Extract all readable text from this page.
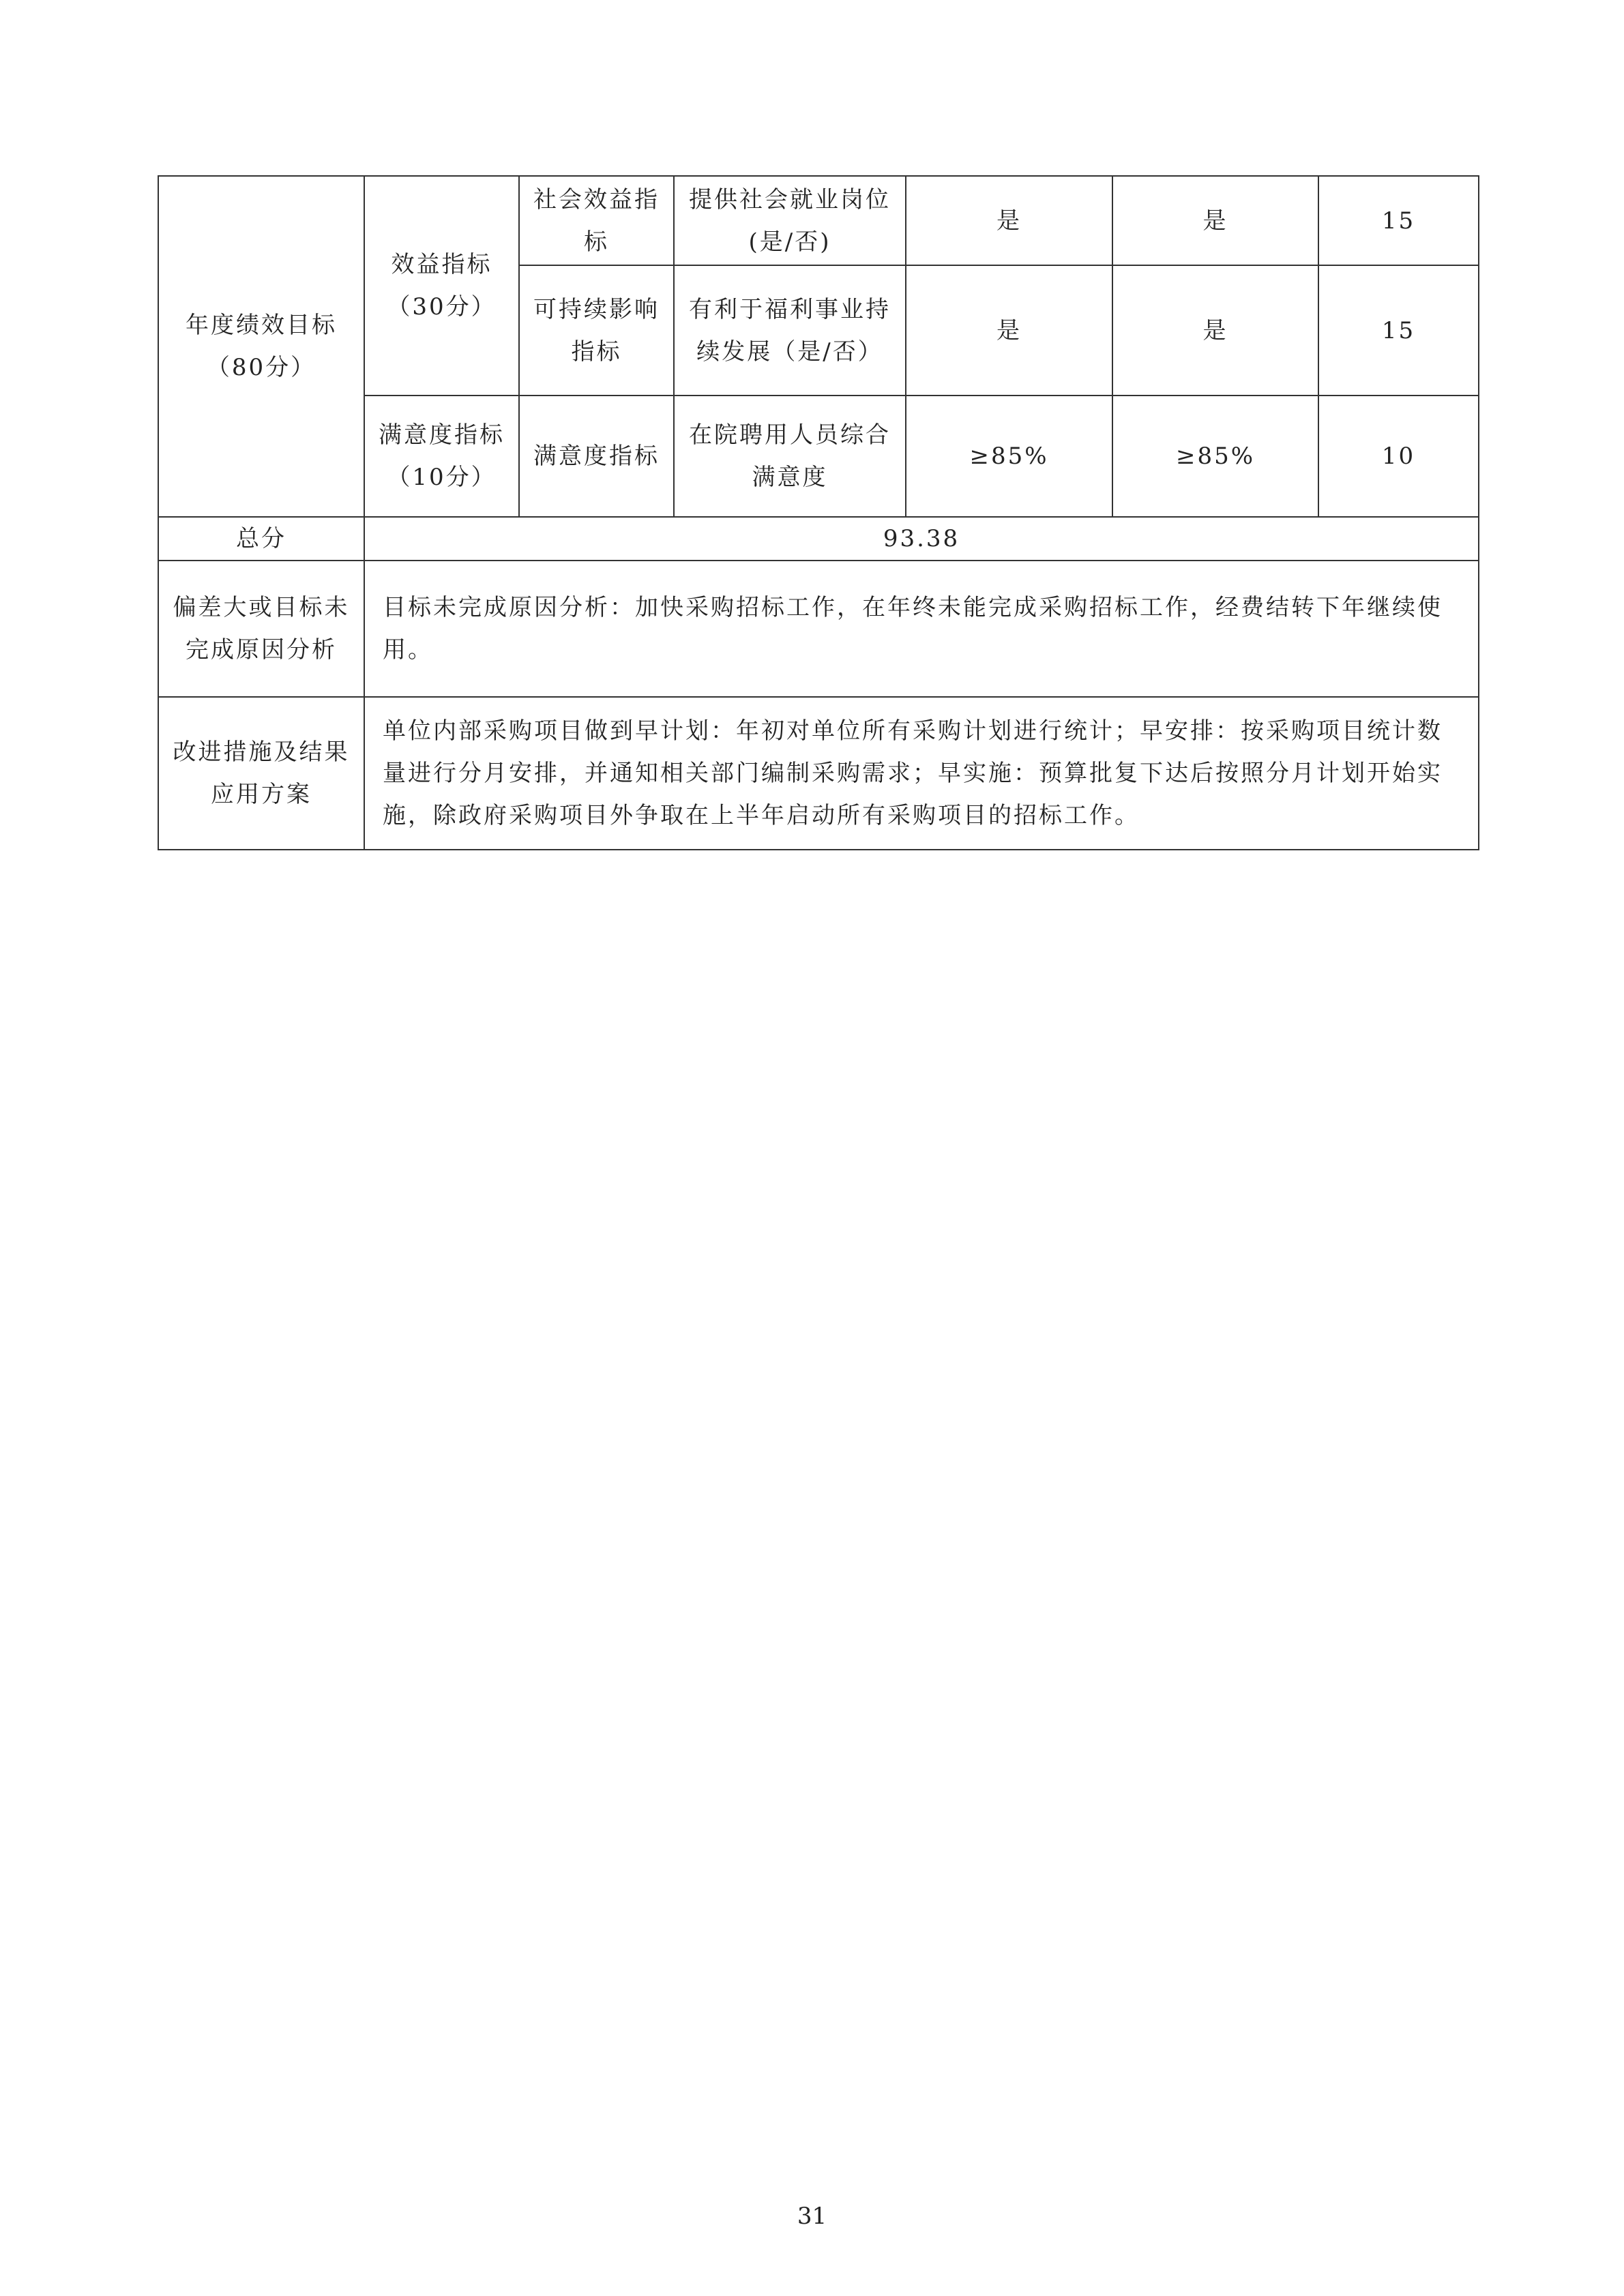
年度绩效目标（80分）	效益指标（30分）	社会效益指标	提供社会就业岗位(是/否)	是	是	15
		可持续影响指标	有利于福利事业持续发展（是/否）	是	是	15
	满意度指标（10分）	满意度指标	在院聘用人员综合满意度	≥85%	≥85%	10
总分	93.38					
偏差大或目标未完成原因分析	目标未完成原因分析：加快采购招标工作，在年终未能完成采购招标工作，经费结转下年继续使用。					
改进措施及结果应用方案	单位内部采购项目做到早计划：年初对单位所有采购计划进行统计；早安排：按采购项目统计数量进行分月安排，并通知相关部门编制采购需求；早实施：预算批复下达后按照分月计划开始实施，除政府采购项目外争取在上半年启动所有采购项目的招标工作。					
31
